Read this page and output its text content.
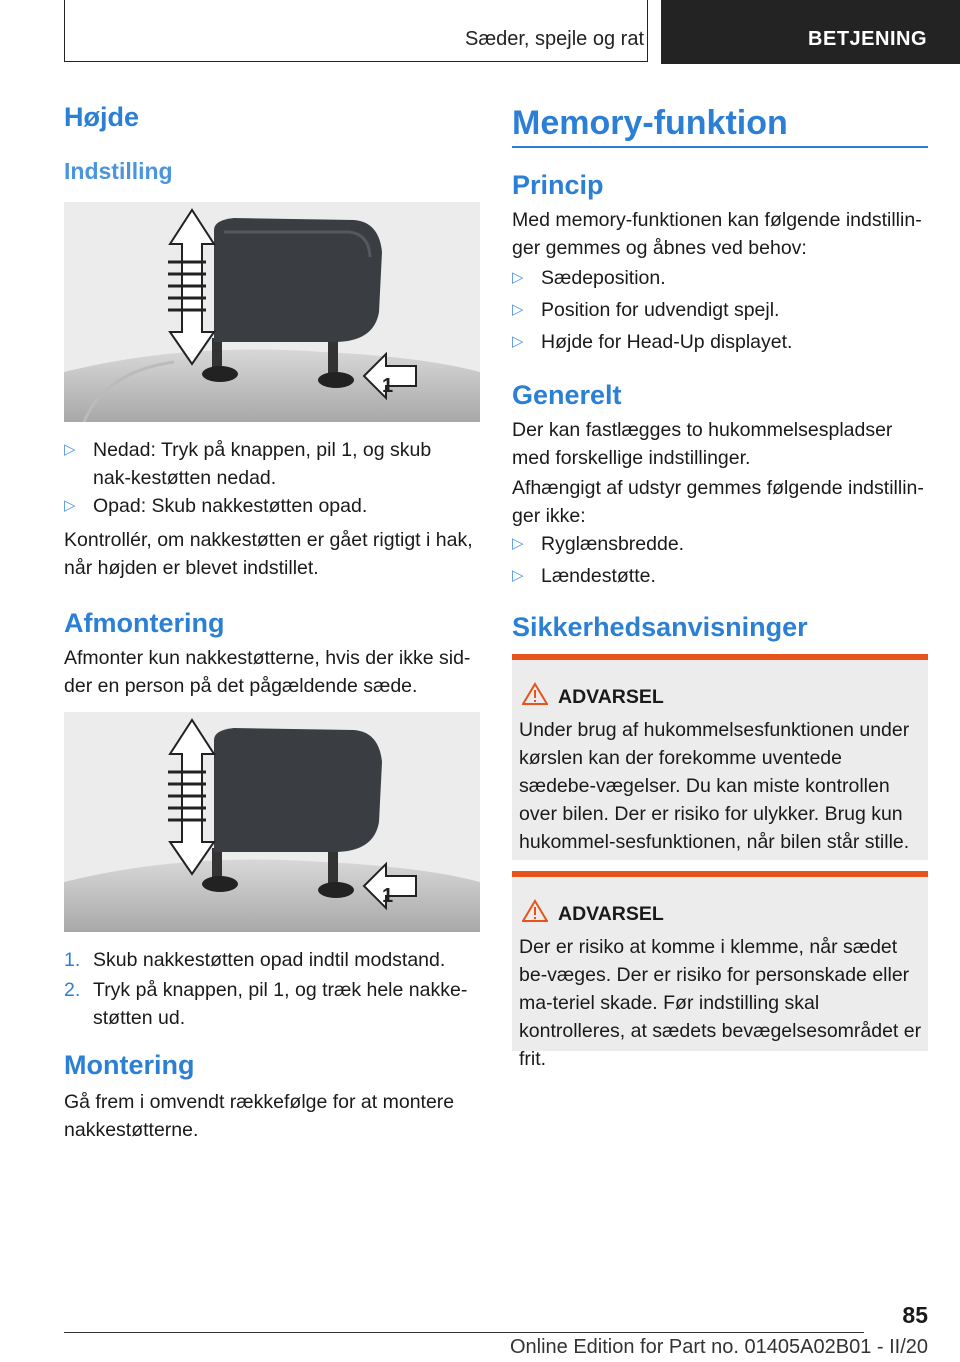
Sæder, spejle og rat	BETJENING
Højde
Indstilling
1
▷ Nedad: Tryk på knappen, pil 1, og skub nak-kestøtten nedad.
▷ Opad: Skub nakkestøtten opad.
Kontrollér, om nakkestøtten er gået rigtigt i hak, når højden er blevet indstillet.
Afmontering
Afmonter kun nakkestøtterne, hvis der ikke sid-der en person på det pågældende sæde.
1
1. Skub nakkestøtten opad indtil modstand.
2. Tryk på knappen, pil 1, og træk hele nakke-støtten ud.
Montering
Gå frem i omvendt rækkefølge for at montere nakkestøtterne.
Memory-funktion
Princip
Med memory-funktionen kan følgende indstillin-ger gemmes og åbnes ved behov:
▷ Sædeposition.
▷ Position for udvendigt spejl.
▷ Højde for Head-Up displayet.
Generelt
Der kan fastlægges to hukommelsespladser med forskellige indstillinger.
Afhængigt af udstyr gemmes følgende indstillin-ger ikke:
▷ Ryglænsbredde.
▷ Lændestøtte.
Sikkerhedsanvisninger
ADVARSEL
Under brug af hukommelsesfunktionen under kørslen kan der forekomme uventede sædebe-vægelser. Du kan miste kontrollen over bilen. Der er risiko for ulykker. Brug kun hukommel-sesfunktionen, når bilen står stille.
ADVARSEL
Der er risiko at komme i klemme, når sædet be-væges. Der er risiko for personskade eller ma-teriel skade. Før indstilling skal kontrolleres, at sædets bevægelsesområdet er frit.
85
Online Edition for Part no. 01405A02B01 - II/20
